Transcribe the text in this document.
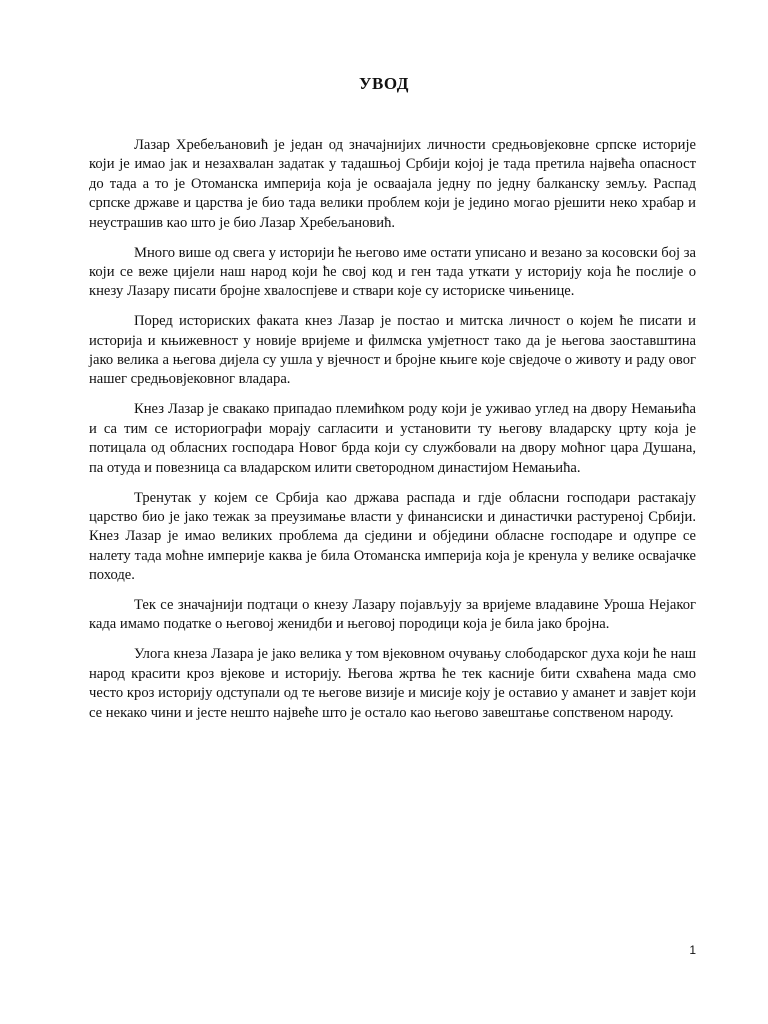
УВОД

Лазар Хребељановић је један од значајнијих личности средњовјековне српске историје који је имао јак и незахвалан задатак у тадашњој Србији којој је тада претила највећа опасност до тада а то је Отоманска империја која је осваајала једну по једну балканску земљу. Распад српске државе и царства је био тада велики проблем који је једино могао рјешити неко храбар и неустрашив као што је био Лазар Хребељановић.

Много више од свега у историји ће његово име остати уписано и везано за косовски бој за који се веже цијели наш народ који ће свој код и ген тада уткати у историју која ће послије о кнезу Лазару писати бројне хвалоспјеве и ствари које су историске чињенице.

Поред историских факата кнез Лазар је постао и митска личност о којем ће писати и историја и књижевност у новије вријеме и филмска умјетност тако да је његова заоставштина јако велика а његова дијела су ушла у вјечност и бројне књиге које свједоче о животу и раду овог нашег средњовјековног владара.

Кнез Лазар је свакако припадао племићком роду који је уживао углед на двору Немањића и са тим се историографи морају сагласити и установити ту његову владарску црту која је потицала од обласних господара Новог брда који су службовали на двору моћног цара Душана, па отуда и повезница са владарском илити светородном династијом Немањића.

Тренутак у којем се Србија као држава распада и гдје обласни господари растакају царство био је јако тежак за преузимање власти у финансиски и династички растуреној Србији. Кнез Лазар је имао великих проблема да сједини и обједини обласне господаре и одупре се налету тада моћне империје каква је била Отоманска империја која је кренула у велике осваjачке походе.

Тек се значајнији подтаци о кнезу Лазару појављују за вријеме владавине Уроша Нејаког када имамо податке о његовој женидби и његовој породици која је била јако бројна.

Улога кнеза Лазара је јако велика у том вјековном очувању слободарског духа који ће наш народ красити кроз вјекове и историју. Његова жртва ће тек касније бити схваћена мада смо често кроз историју одступали од те његове визије и мисије коју је оставио у аманет и завјет који се некако чини и јесте нешто највеће што је остало као његово завештање сопственом народу.

1
